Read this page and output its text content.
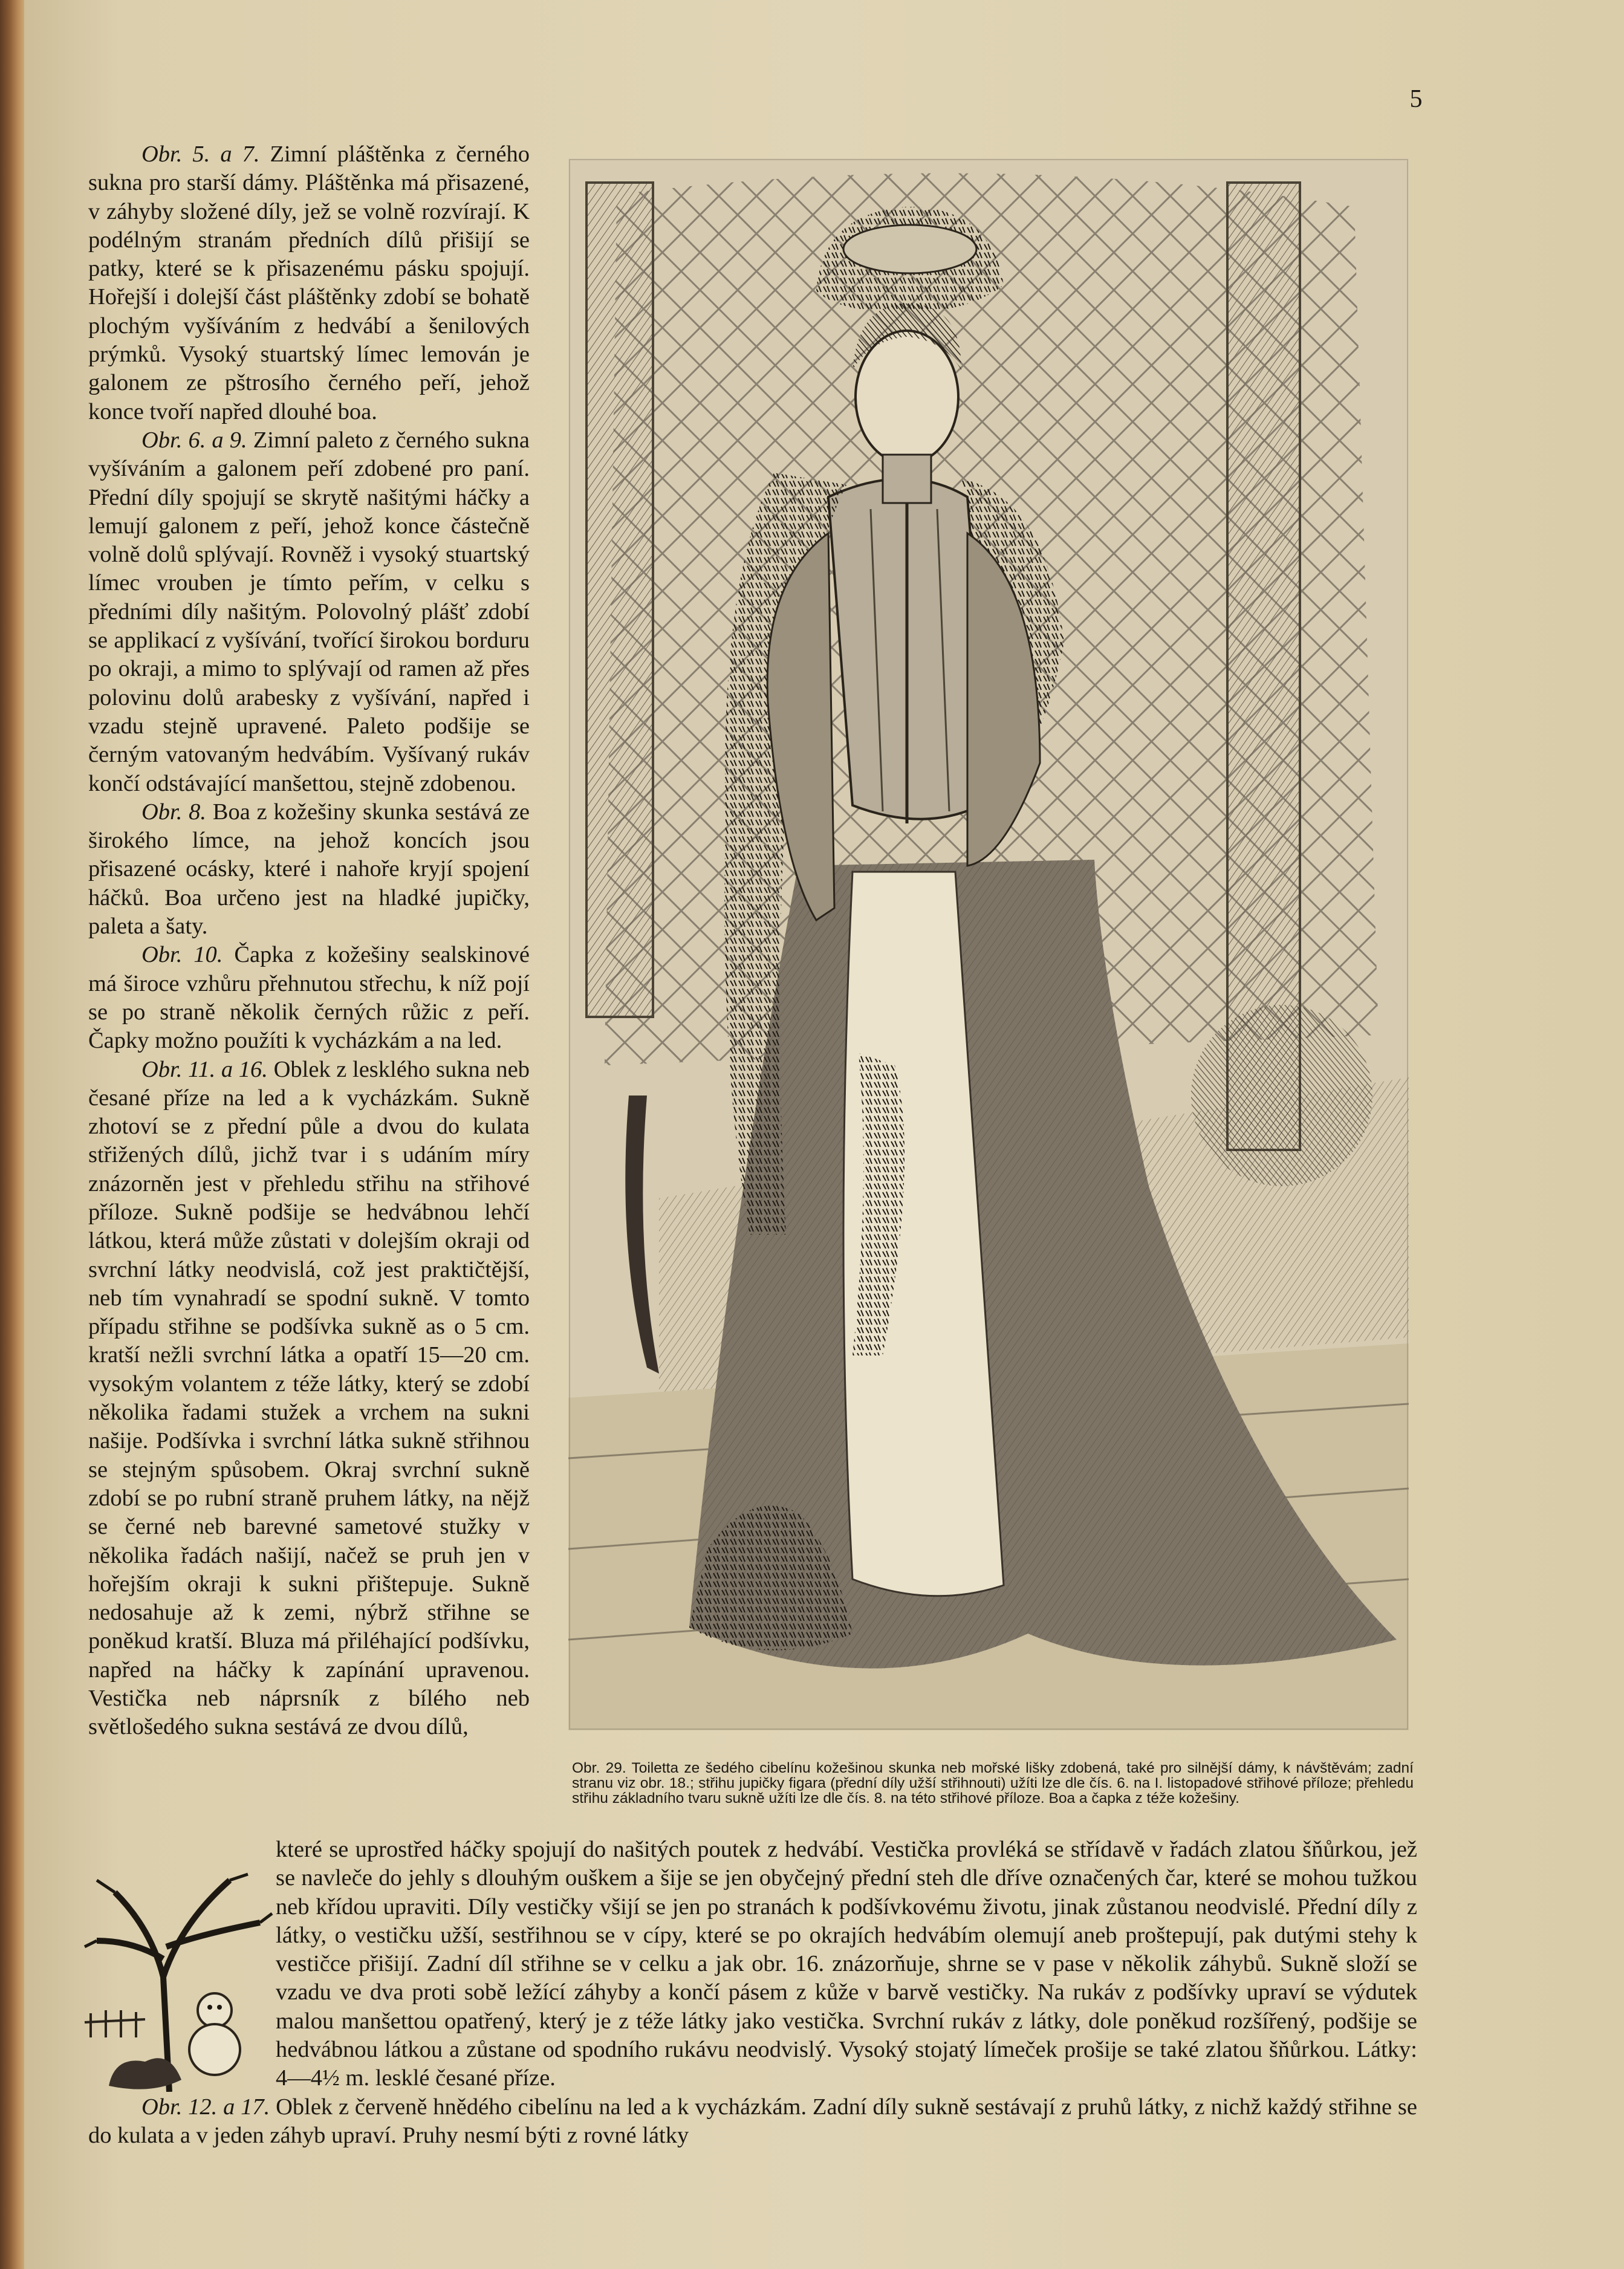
5

Obr. 5. a 7. Zimní pláštěnka z černého sukna pro starší dámy. Pláštěnka má přisazené, v záhyby složené díly, jež se volně rozvírají. K podélným stranám předních dílů přišijí se patky, které se k přisazenému pásku spojují. Hořejší i dolejší část pláštěnky zdobí se bohatě plochým vyšíváním z hedvábí a šenilových prýmků. Vysoký stuartský límec lemován je galonem ze pštrosího černého peří, jehož konce tvoří napřed dlouhé boa.

Obr. 6. a 9. Zimní paleto z černého sukna vyšíváním a galonem peří zdobené pro paní. Přední díly spojují se skrytě našitými háčky a lemují galonem z peří, jehož konce částečně volně dolů splývají. Rovněž i vysoký stuartský límec vrouben je tímto peřím, v celku s předními díly našitým. Polovolný plášť zdobí se applikací z vyšívání, tvořící širokou borduru po okraji, a mimo to splývají od ramen až přes polovinu dolů arabesky z vyšívání, napřed i vzadu stejně upravené. Paleto podšije se černým vatovaným hedvábím. Vyšívaný rukáv končí odstávající manšettou, stejně zdobenou.

Obr. 8. Boa z kožešiny skunka sestává ze širokého límce, na jehož koncích jsou přisazené ocásky, které i nahoře kryjí spojení háčků. Boa určeno jest na hladké jupičky, paleta a šaty.

Obr. 10. Čapka z kožešiny sealskinové má široce vzhůru přehnutou střechu, k níž pojí se po straně několik černých růžic z peří. Čapky možno použíti k vycházkám a na led.

Obr. 11. a 16. Oblek z lesklého sukna neb česané příze na led a k vycházkám. Sukně zhotoví se z přední půle a dvou do kulata střižených dílů, jichž tvar i s udáním míry znázorněn jest v přehledu střihu na střihové příloze. Sukně podšije se hedvábnou lehčí látkou, která může zůstati v dolejším okraji od svrchní látky neodvislá, což jest praktičtější, neb tím vynahradí se spodní sukně. V tomto případu střihne se podšívka sukně as o 5 cm. kratší nežli svrchní látka a opatří 15—20 cm. vysokým volantem z téže látky, který se zdobí několika řadami stužek a vrchem na sukni našije. Podšívka i svrchní látka sukně střihnou se stejným spůsobem. Okraj svrchní sukně zdobí se po rubní straně pruhem látky, na nějž se černé neb barevné sametové stužky v několika řadách našijí, načež se pruh jen v hořejším okraji k sukni přištepuje. Sukně nedosahuje až k zemi, nýbrž střihne se poněkud kratší. Bluza má přiléhající podšívku, napřed na háčky k zapínání upravenou. Vestička neb náprsník z bílého neb světlošedého sukna sestává ze dvou dílů,

Obr. 29. Toiletta ze šedého cibelínu kožešinou skunka neb mořské lišky zdobená, také pro silnější dámy, k návštěvám; zadní stranu viz obr. 18.; střihu jupičky figara (přední díly užší střihnouti) užíti lze dle čís. 6. na I. listopadové střihové příloze; přehledu střihu základního tvaru sukně užíti lze dle čís. 8. na této střihové příloze. Boa a čapka z téže kožešiny.

které se uprostřed háčky spojují do našitých poutek z hedvábí. Vestička provléká se střídavě v řadách zlatou šňůrkou, jež se navleče do jehly s dlouhým ouškem a šije se jen obyčejný přední steh dle dříve označených čar, které se mohou tužkou neb křídou upraviti. Díly vestičky všijí se jen po stranách k podšívkovému životu, jinak zůstanou neodvislé. Přední díly z látky, o vestičku užší, sestřihnou se v cípy, které se po okrajích hedvábím olemují aneb proštepují, pak dutými stehy k vestičce přišijí. Zadní díl střihne se v celku a jak obr. 16. znázorňuje, shrne se v pase v několik záhybů. Sukně složí se vzadu ve dva proti sobě ležící záhyby a končí pásem z kůže v barvě vestičky. Na rukáv z podšívky upraví se výdutek malou manšettou opatřený, který je z téže látky jako vestička. Svrchní rukáv z látky, dole poněkud rozšířený, podšije se hedvábnou látkou a zůstane od spodního rukávu neodvislý. Vysoký stojatý límeček prošije se také zlatou šňůrkou. Látky: 4—4½ m. lesklé česané příze.

Obr. 12. a 17. Oblek z červeně hnědého cibelínu na led a k vycházkám. Zadní díly sukně sestávají z pruhů látky, z nichž každý střihne se do kulata a v jeden záhyb upraví. Pruhy nesmí býti z rovné látky
